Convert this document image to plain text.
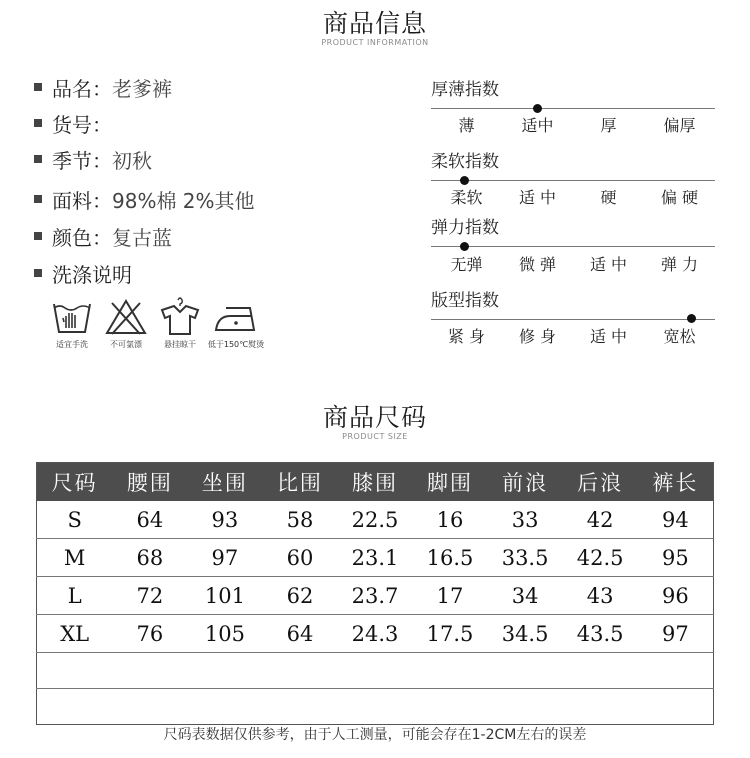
商品信息
PRODUCT INFORMATION
品名： 老爹裤
货号：
季节： 初秋
面料： 98%棉 2%其他
颜色： 复古蓝
洗涤说明
适宜手洗	不可氯漂	悬挂晾干	低于150℃熨烫
厚薄指数
薄	适中	厚	偏厚
柔软指数
柔软	适 中	硬	偏 硬
弹力指数
无弹	微 弹	适 中	弹 力
版型指数
紧 身	修 身	适 中	宽松
商品尺码
PRODUCT SIZE
尺码	腰围	坐围	比围	膝围	脚围	前浪	后浪	裤长
S	64	93	58	22.5	16	33	42	94
M	68	97	60	23.1	16.5	33.5	42.5	95
L	72	101	62	23.7	17	34	43	96
XL	76	105	64	24.3	17.5	34.5	43.5	97

尺码表数据仅供参考，由于人工测量，可能会存在1-2CM左右的误差
